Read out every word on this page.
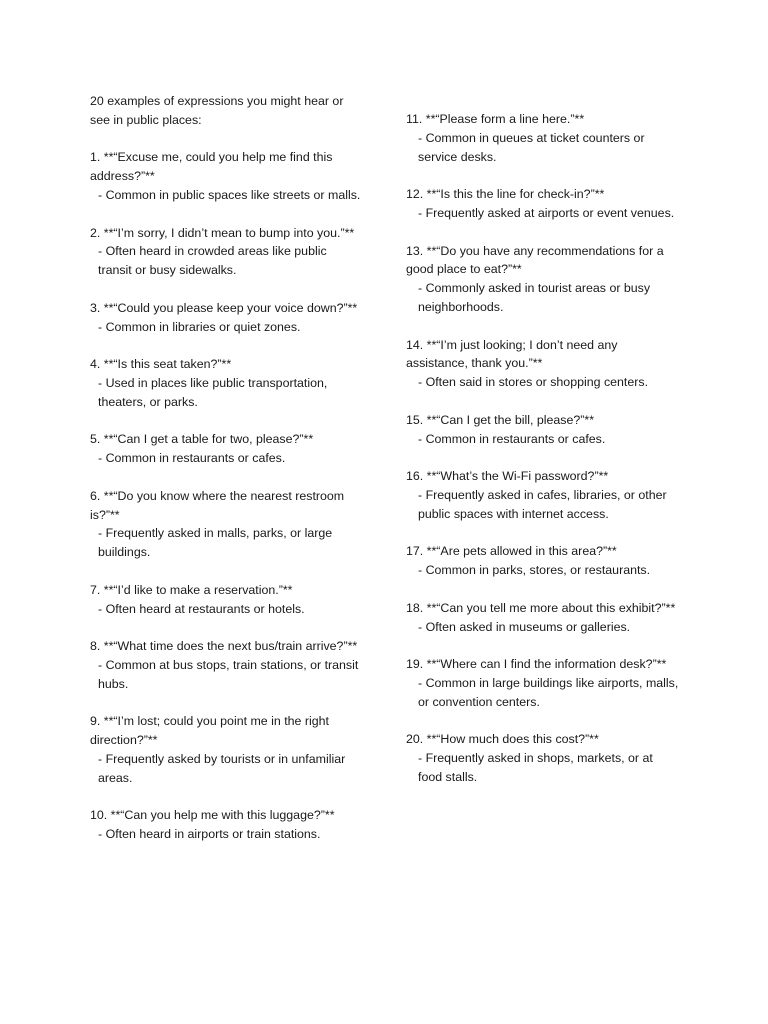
20 examples of expressions you might hear or see in public places:

1. **“Excuse me, could you help me find this address?”**

- Common in public spaces like streets or malls.

2. **“I’m sorry, I didn’t mean to bump into you.”**

- Often heard in crowded areas like public transit or busy sidewalks.

3. **“Could you please keep your voice down?”**

- Common in libraries or quiet zones.

4. **“Is this seat taken?”**

- Used in places like public transportation, theaters, or parks.

5. **“Can I get a table for two, please?”**

- Common in restaurants or cafes.

6. **“Do you know where the nearest restroom is?”**

- Frequently asked in malls, parks, or large buildings.

7. **“I’d like to make a reservation.”**

- Often heard at restaurants or hotels.

8. **“What time does the next bus/train arrive?”**

- Common at bus stops, train stations, or transit hubs.

9. **“I’m lost; could you point me in the right direction?”**

- Frequently asked by tourists or in unfamiliar areas.

10. **“Can you help me with this luggage?”**

- Often heard in airports or train stations.

11. **“Please form a line here.”**

- Common in queues at ticket counters or service desks.

12. **“Is this the line for check-in?”**

- Frequently asked at airports or event venues.

13. **“Do you have any recommendations for a good place to eat?”**

- Commonly asked in tourist areas or busy neighborhoods.

14. **“I’m just looking; I don’t need any assistance, thank you.”**

- Often said in stores or shopping centers.

15. **“Can I get the bill, please?”**

- Common in restaurants or cafes.

16. **“What’s the Wi-Fi password?”**

- Frequently asked in cafes, libraries, or other public spaces with internet access.

17. **“Are pets allowed in this area?”**

- Common in parks, stores, or restaurants.

18. **“Can you tell me more about this exhibit?”**

- Often asked in museums or galleries.

19. **“Where can I find the information desk?”**

- Common in large buildings like airports, malls, or convention centers.

20. **“How much does this cost?”**

- Frequently asked in shops, markets, or at food stalls.
